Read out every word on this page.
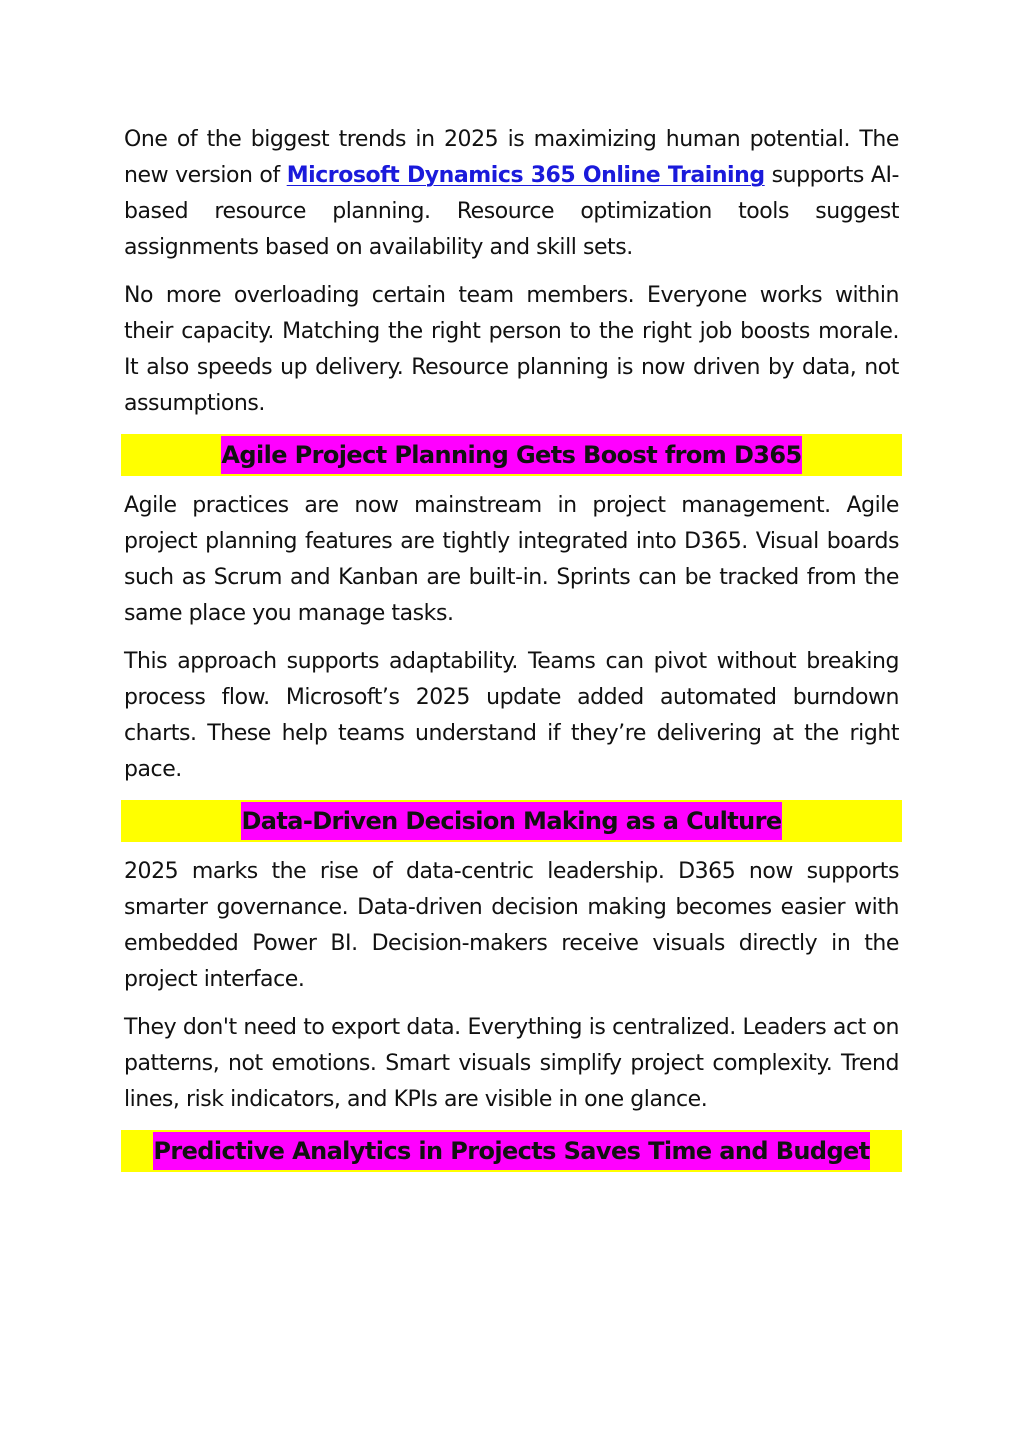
One of the biggest trends in 2025 is maximizing human potential. The new version of Microsoft Dynamics 365 Online Training supports AI-based resource planning. Resource optimization tools suggest assignments based on availability and skill sets.

No more overloading certain team members. Everyone works within their capacity. Matching the right person to the right job boosts morale. It also speeds up delivery. Resource planning is now driven by data, not assumptions.

Agile Project Planning Gets Boost from D365

Agile practices are now mainstream in project management. Agile project planning features are tightly integrated into D365. Visual boards such as Scrum and Kanban are built-in. Sprints can be tracked from the same place you manage tasks.

This approach supports adaptability. Teams can pivot without breaking process flow. Microsoft’s 2025 update added automated burndown charts. These help teams understand if they’re delivering at the right pace.

Data-Driven Decision Making as a Culture

2025 marks the rise of data-centric leadership. D365 now supports smarter governance. Data-driven decision making becomes easier with embedded Power BI. Decision-makers receive visuals directly in the project interface.

They don't need to export data. Everything is centralized. Leaders act on patterns, not emotions. Smart visuals simplify project complexity. Trend lines, risk indicators, and KPIs are visible in one glance.

Predictive Analytics in Projects Saves Time and Budget
